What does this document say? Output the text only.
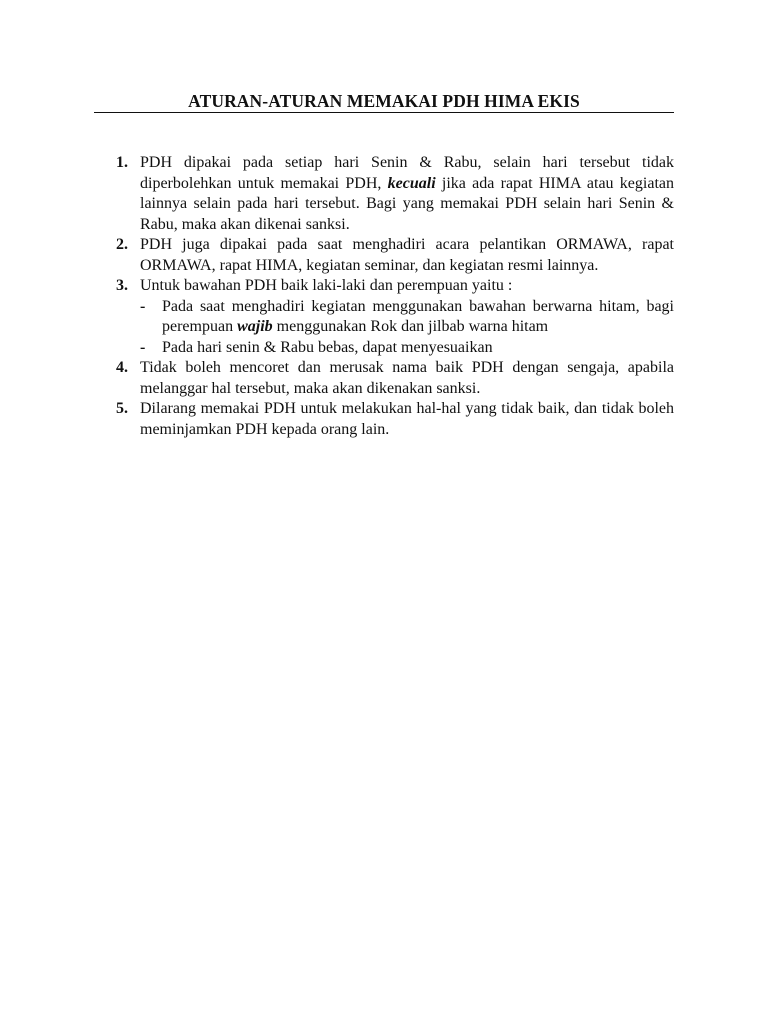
ATURAN-ATURAN MEMAKAI PDH HIMA EKIS
1. PDH dipakai pada setiap hari Senin & Rabu, selain hari tersebut tidak diperbolehkan untuk memakai PDH, kecuali jika ada rapat HIMA atau kegiatan lainnya selain pada hari tersebut. Bagi yang memakai PDH selain hari Senin & Rabu, maka akan dikenai sanksi.
2. PDH juga dipakai pada saat menghadiri acara pelantikan ORMAWA, rapat ORMAWA, rapat HIMA, kegiatan seminar, dan kegiatan resmi lainnya.
3. Untuk bawahan PDH baik laki-laki dan perempuan yaitu :
- Pada saat menghadiri kegiatan menggunakan bawahan berwarna hitam, bagi perempuan wajib menggunakan Rok dan jilbab warna hitam
- Pada hari senin & Rabu bebas, dapat menyesuaikan
4. Tidak boleh mencoret dan merusak nama baik PDH dengan sengaja, apabila melanggar hal tersebut, maka akan dikenakan sanksi.
5. Dilarang memakai PDH untuk melakukan hal-hal yang tidak baik, dan tidak boleh meminjamkan PDH kepada orang lain.
